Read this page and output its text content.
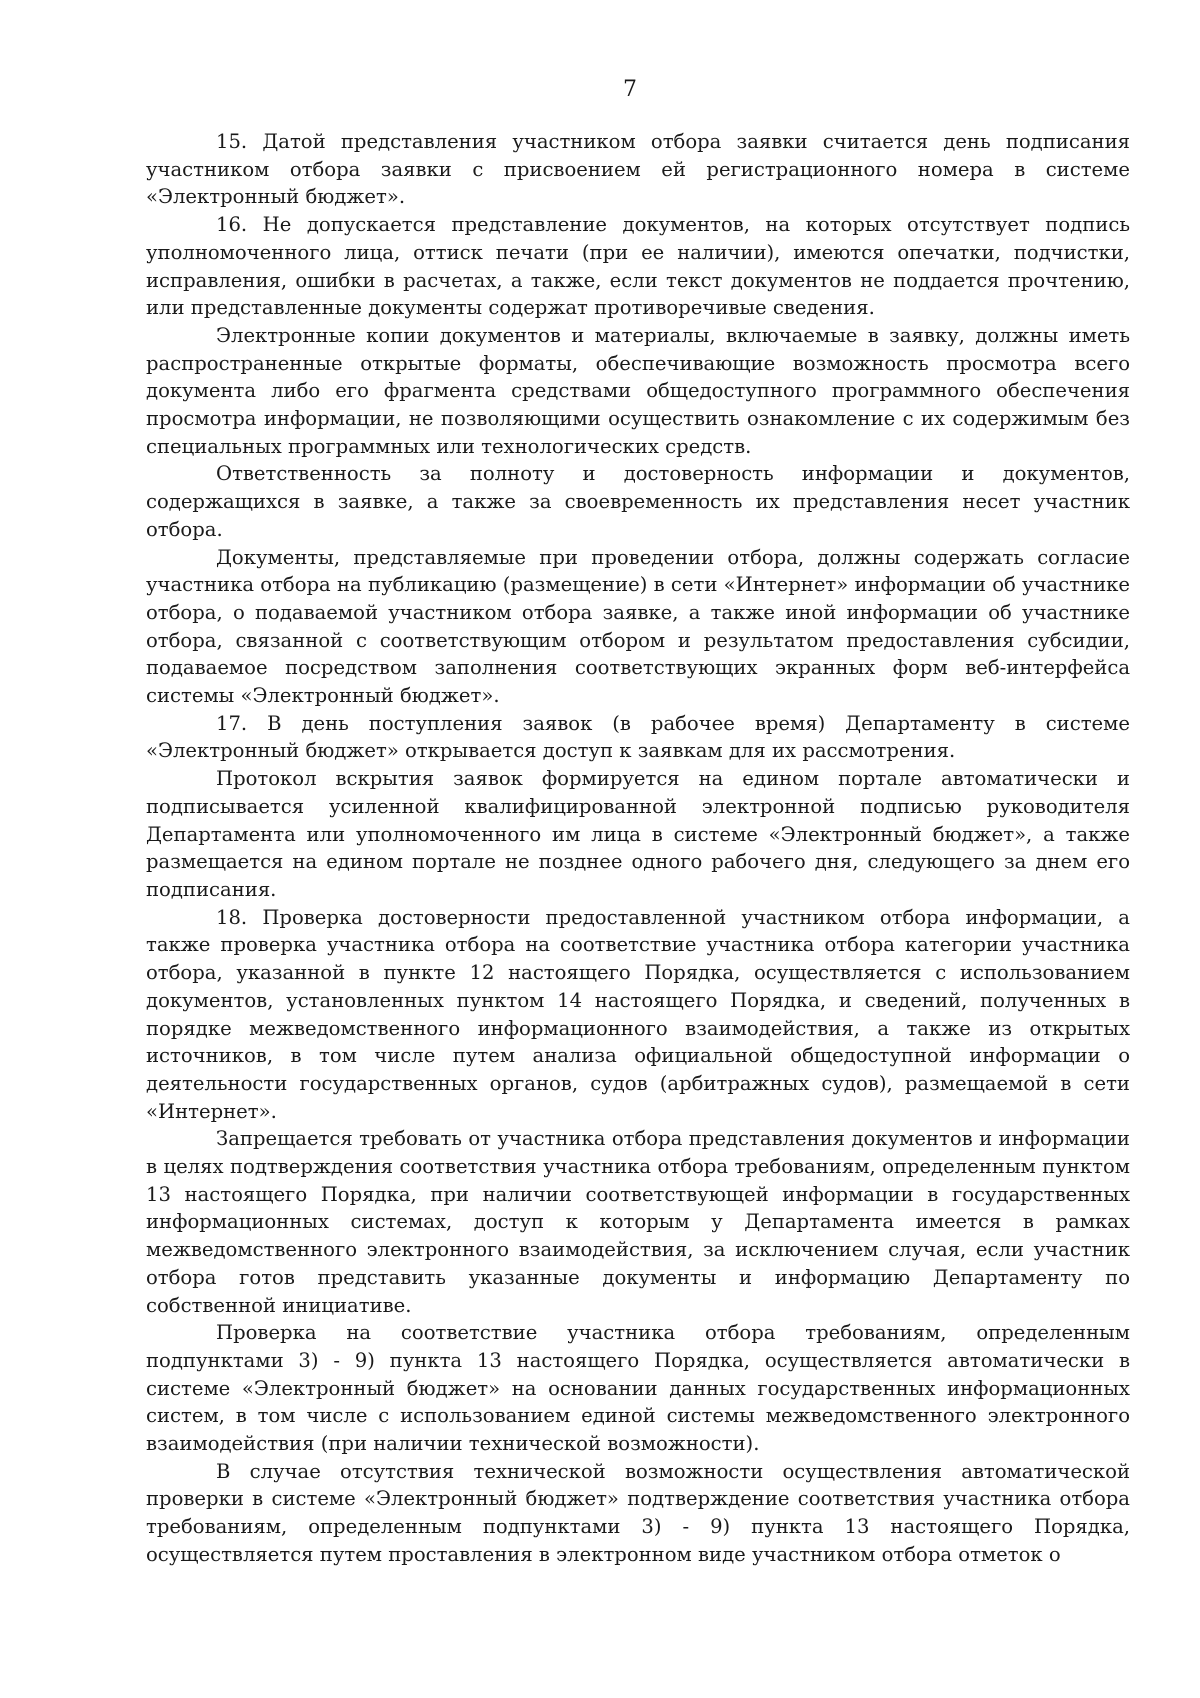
7

15. Датой представления участником отбора заявки считается день подписания участником отбора заявки с присвоением ей регистрационного номера в системе «Электронный бюджет».

16. Не допускается представление документов, на которых отсутствует подпись уполномоченного лица, оттиск печати (при ее наличии), имеются опечатки, подчистки, исправления, ошибки в расчетах, а также, если текст документов не поддается прочтению, или представленные документы содержат противоречивые сведения.

Электронные копии документов и материалы, включаемые в заявку, должны иметь распространенные открытые форматы, обеспечивающие возможность просмотра всего документа либо его фрагмента средствами общедоступного программного обеспечения просмотра информации, не позволяющими осуществить ознакомление с их содержимым без специальных программных или технологических средств.

Ответственность за полноту и достоверность информации и документов, содержащихся в заявке, а также за своевременность их представления несет участник отбора.

Документы, представляемые при проведении отбора, должны содержать согласие участника отбора на публикацию (размещение) в сети «Интернет» информации об участнике отбора, о подаваемой участником отбора заявке, а также иной информации об участнике отбора, связанной с соответствующим отбором и результатом предоставления субсидии, подаваемое посредством заполнения соответствующих экранных форм веб-интерфейса системы «Электронный бюджет».

17. В день поступления заявок (в рабочее время) Департаменту в системе «Электронный бюджет» открывается доступ к заявкам для их рассмотрения.

Протокол вскрытия заявок формируется на едином портале автоматически и подписывается усиленной квалифицированной электронной подписью руководителя Департамента или уполномоченного им лица в системе «Электронный бюджет», а также размещается на едином портале не позднее одного рабочего дня, следующего за днем его подписания.

18. Проверка достоверности предоставленной участником отбора информации, а также проверка участника отбора на соответствие участника отбора категории участника отбора, указанной в пункте 12 настоящего Порядка, осуществляется с использованием документов, установленных пунктом 14 настоящего Порядка, и сведений, полученных в порядке межведомственного информационного взаимодействия, а также из открытых источников, в том числе путем анализа официальной общедоступной информации о деятельности государственных органов, судов (арбитражных судов), размещаемой в сети «Интернет».

Запрещается требовать от участника отбора представления документов и информации в целях подтверждения соответствия участника отбора требованиям, определенным пунктом 13 настоящего Порядка, при наличии соответствующей информации в государственных информационных системах, доступ к которым у Департамента имеется в рамках межведомственного электронного взаимодействия, за исключением случая, если участник отбора готов представить указанные документы и информацию Департаменту по собственной инициативе.

Проверка на соответствие участника отбора требованиям, определенным подпунктами 3) - 9) пункта 13 настоящего Порядка, осуществляется автоматически в системе «Электронный бюджет» на основании данных государственных информационных систем, в том числе с использованием единой системы межведомственного электронного взаимодействия (при наличии технической возможности).

В случае отсутствия технической возможности осуществления автоматической проверки в системе «Электронный бюджет» подтверждение соответствия участника отбора требованиям, определенным подпунктами 3) - 9) пункта 13 настоящего Порядка, осуществляется путем проставления в электронном виде участником отбора отметок о
